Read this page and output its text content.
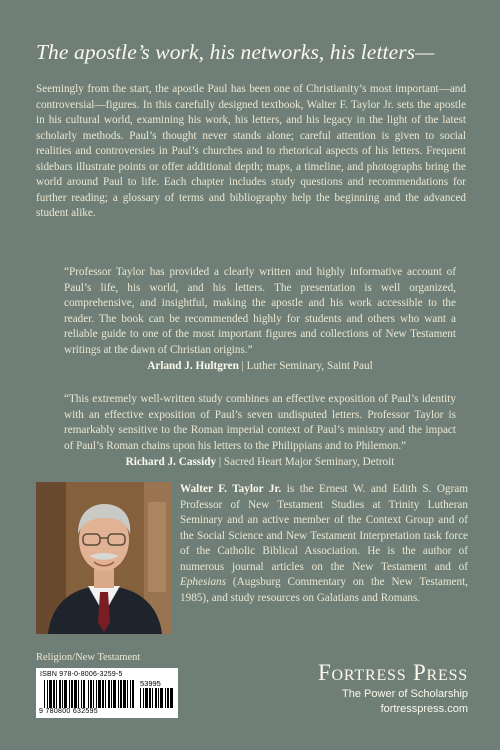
The apostle’s work, his networks, his letters—
Seemingly from the start, the apostle Paul has been one of Christianity’s most important—and controversial—figures. In this carefully designed textbook, Walter F. Taylor Jr. sets the apostle in his cultural world, examining his work, his letters, and his legacy in the light of the latest scholarly methods. Paul’s thought never stands alone; careful attention is given to social realities and controversies in Paul’s churches and to rhetorical aspects of his letters. Frequent sidebars illustrate points or offer additional depth; maps, a timeline, and photographs bring the world around Paul to life. Each chapter includes study questions and recommendations for further reading; a glossary of terms and bibliography help the beginning and the advanced student alike.
“Professor Taylor has provided a clearly written and highly informative account of Paul’s life, his world, and his letters. The presentation is well organized, comprehensive, and insightful, making the apostle and his work accessible to the reader. The book can be recommended highly for students and others who want a reliable guide to one of the most important figures and collections of New Testament writings at the dawn of Christian origins.”
Arland J. Hultgren | Luther Seminary, Saint Paul
“This extremely well-written study combines an effective exposition of Paul’s identity with an effective exposition of Paul’s seven undisputed letters. Professor Taylor is remarkably sensitive to the Roman imperial context of Paul’s ministry and the impact of Paul’s Roman chains upon his letters to the Philippians and to Philemon.”
Richard J. Cassidy | Sacred Heart Major Seminary, Detroit
Walter F. Taylor Jr. is the Ernest W. and Edith S. Ogram Professor of New Testament Studies at Trinity Lutheran Seminary and an active member of the Context Group and of the Social Science and New Testament Interpretation task force of the Catholic Biblical Association. He is the author of numerous journal articles on the New Testament and of Ephesians (Augsburg Commentary on the New Testament, 1985), and study resources on Galatians and Romans.
Religion/New Testament
ISBN 978-0-8006-3259-5
53995
9 780800 632595
Fortress Press
The Power of Scholarship
fortresspress.com
